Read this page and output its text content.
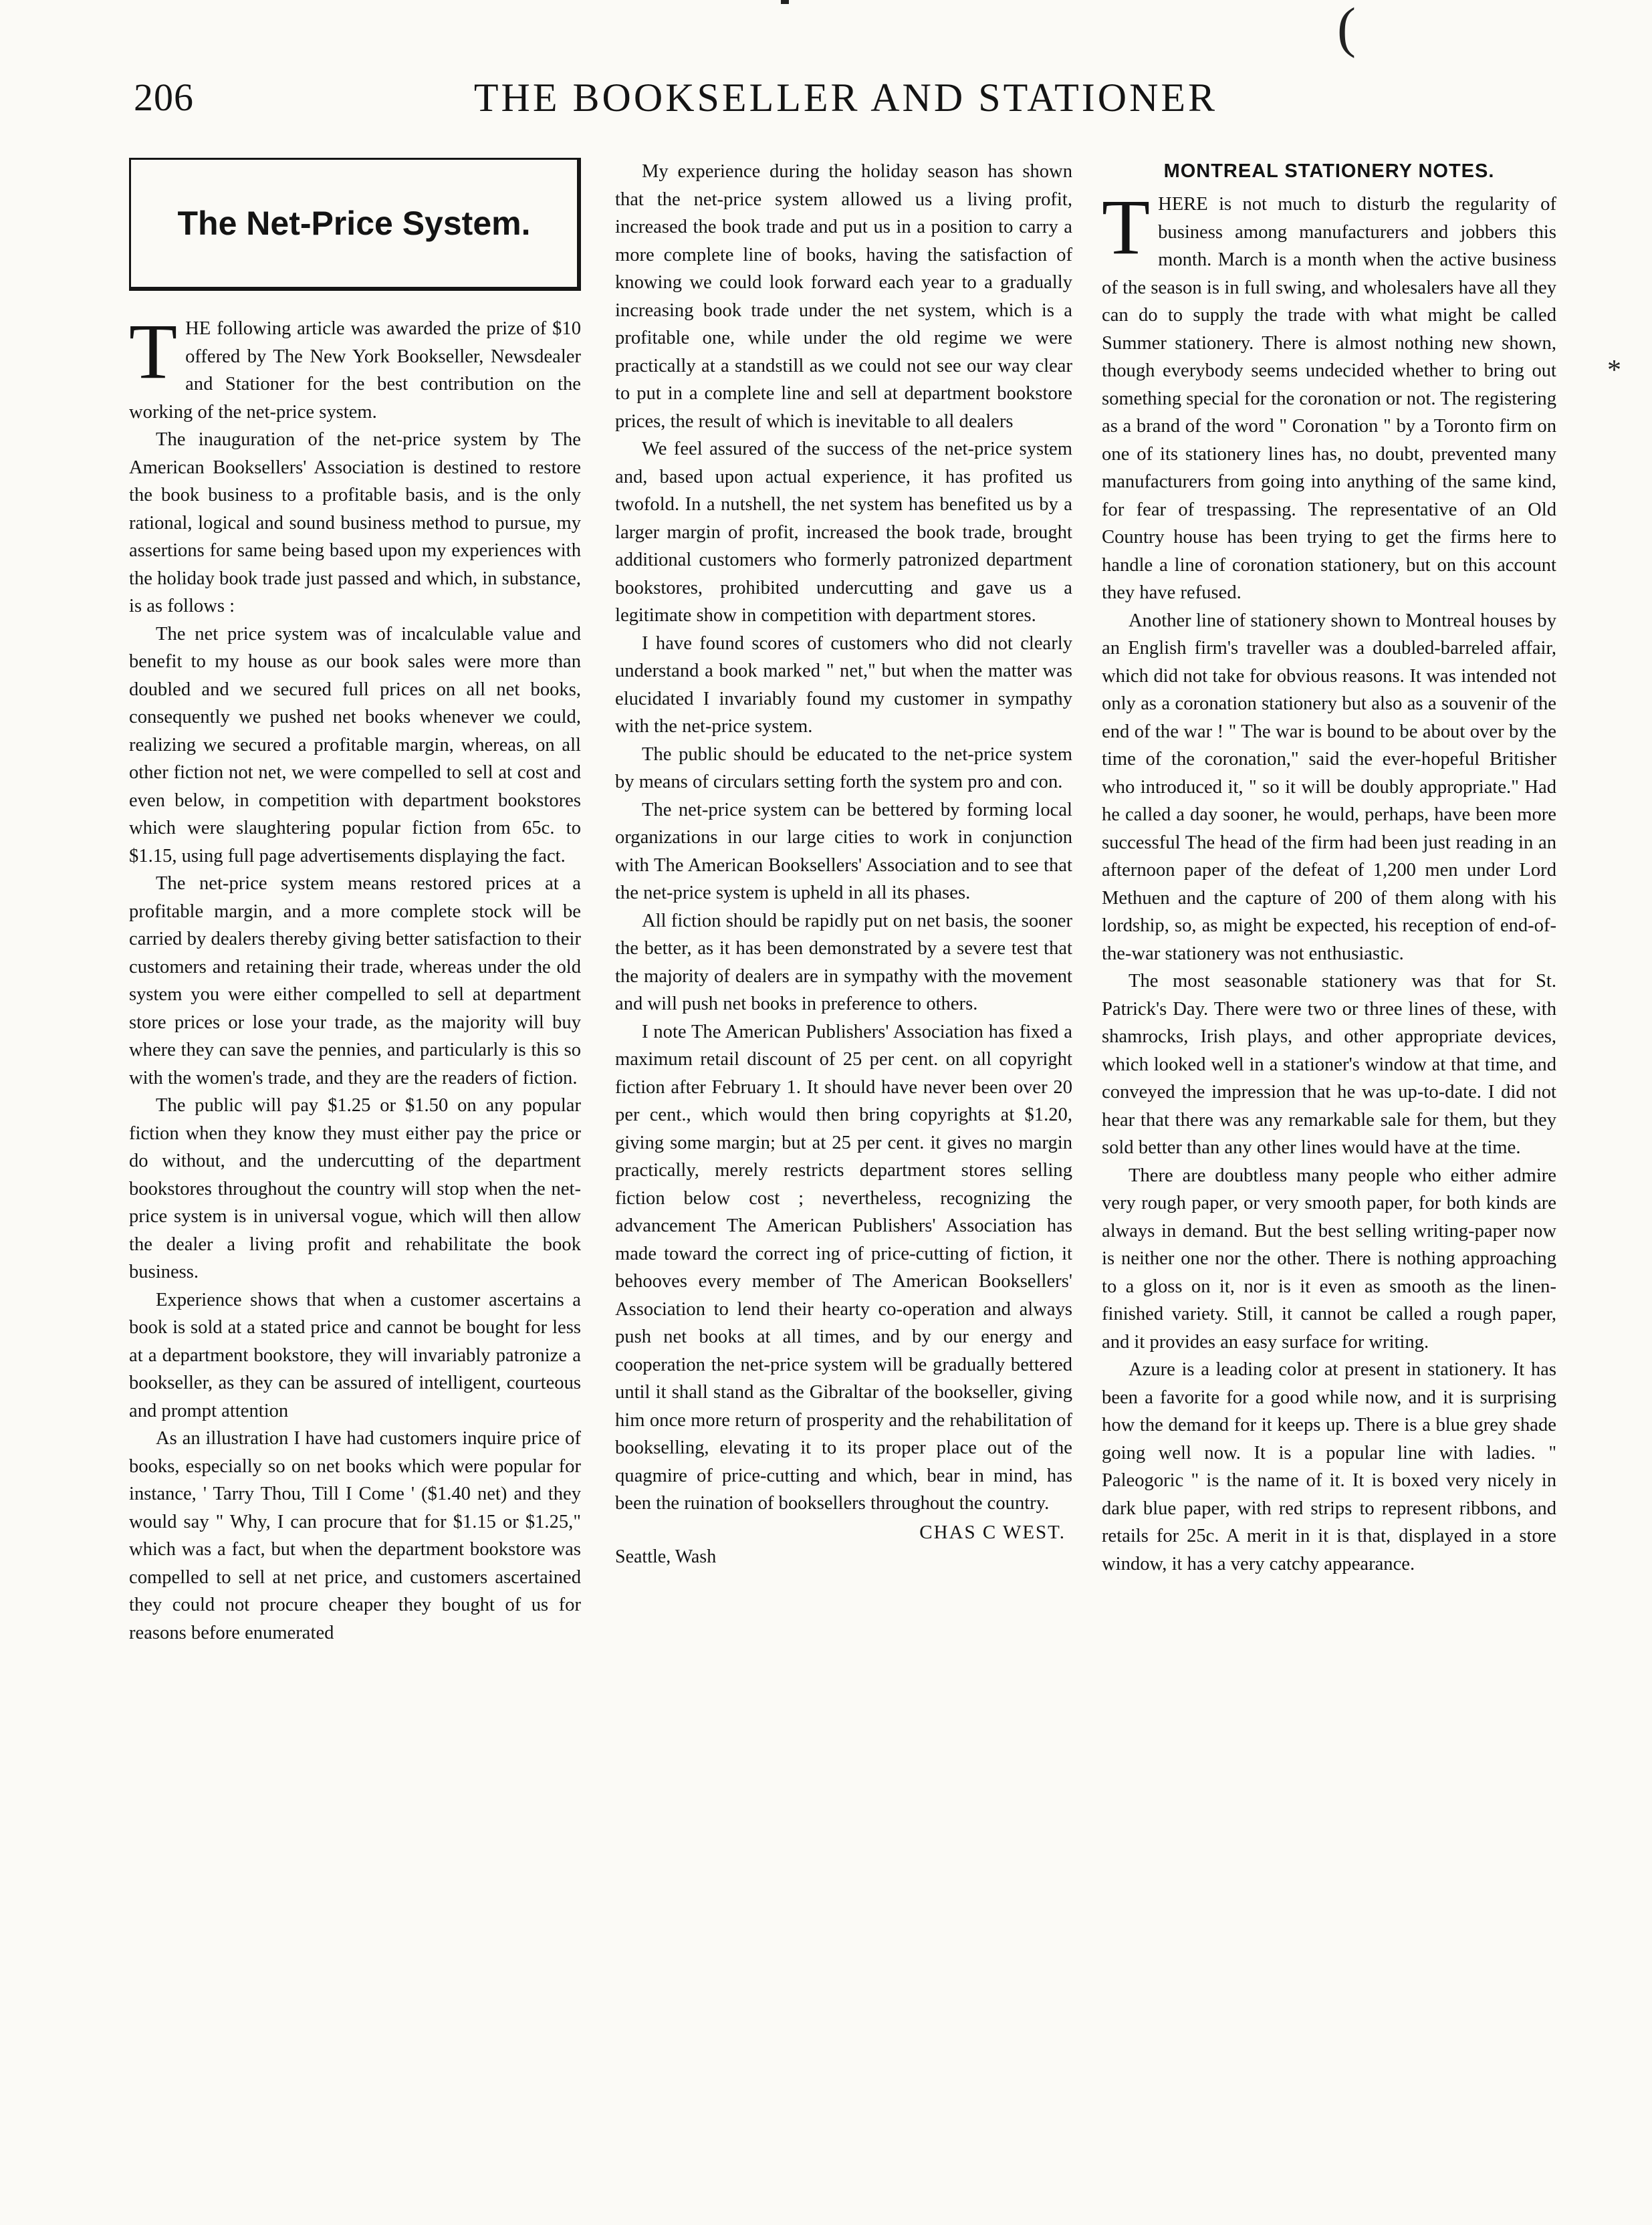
(
*
206	THE BOOKSELLER AND STATIONER
The Net-Price System.

THE following article was awarded the prize of $10 offered by The New York Bookseller, Newsdealer and Stationer for the best contribution on the working of the net-price system.

The inauguration of the net-price system by The American Booksellers' Association is destined to restore the book business to a profitable basis, and is the only rational, logical and sound business method to pursue, my assertions for same being based upon my experiences with the holiday book trade just passed and which, in substance, is as follows :

The net price system was of incalculable value and benefit to my house as our book sales were more than doubled and we secured full prices on all net books, consequently we pushed net books whenever we could, realizing we secured a profitable margin, whereas, on all other fiction not net, we were compelled to sell at cost and even below, in competition with department bookstores which were slaughtering popular fiction from 65c. to $1.15, using full page advertisements displaying the fact.

The net-price system means restored prices at a profitable margin, and a more complete stock will be carried by dealers thereby giving better satisfaction to their customers and retaining their trade, whereas under the old system you were either compelled to sell at department store prices or lose your trade, as the majority will buy where they can save the pennies, and particularly is this so with the women's trade, and they are the readers of fiction.

The public will pay $1.25 or $1.50 on any popular fiction when they know they must either pay the price or do without, and the undercutting of the department bookstores throughout the country will stop when the net-price system is in universal vogue, which will then allow the dealer a living profit and rehabilitate the book business.

Experience shows that when a customer ascertains a book is sold at a stated price and cannot be bought for less at a department bookstore, they will invariably patronize a bookseller, as they can be assured of intelligent, courteous and prompt attention

As an illustration I have had customers inquire price of books, especially so on net books which were popular for instance, ' Tarry Thou, Till I Come ' ($1.40 net) and they would say " Why, I can procure that for $1.15 or $1.25," which was a fact, but when the department bookstore was compelled to sell at net price, and customers ascertained they could not procure cheaper they bought of us for reasons before enumerated

My experience during the holiday season has shown that the net-price system allowed us a living profit, increased the book trade and put us in a position to carry a more complete line of books, having the satisfaction of knowing we could look forward each year to a gradually increasing book trade under the net system, which is a profitable one, while under the old regime we were practically at a standstill as we could not see our way clear to put in a complete line and sell at department bookstore prices, the result of which is inevitable to all dealers

We feel assured of the success of the net-price system and, based upon actual experience, it has profited us twofold. In a nutshell, the net system has benefited us by a larger margin of profit, increased the book trade, brought additional customers who formerly patronized department bookstores, prohibited undercutting and gave us a legitimate show in competition with department stores.

I have found scores of customers who did not clearly understand a book marked " net," but when the matter was elucidated I invariably found my customer in sympathy with the net-price system.

The public should be educated to the net-price system by means of circulars setting forth the system pro and con.

The net-price system can be bettered by forming local organizations in our large cities to work in conjunction with The American Booksellers' Association and to see that the net-price system is upheld in all its phases.

All fiction should be rapidly put on net basis, the sooner the better, as it has been demonstrated by a severe test that the majority of dealers are in sympathy with the movement and will push net books in preference to others.

I note The American Publishers' Association has fixed a maximum retail discount of 25 per cent. on all copyright fiction after February 1. It should have never been over 20 per cent., which would then bring copyrights at $1.20, giving some margin; but at 25 per cent. it gives no margin practically, merely restricts department stores selling fiction below cost ; nevertheless, recognizing the advancement The American Publishers' Association has made toward the correct ing of price-cutting of fiction, it behooves every member of The American Booksellers' Association to lend their hearty co-operation and always push net books at all times, and by our energy and cooperation the net-price system will be gradually bettered until it shall stand as the Gibraltar of the bookseller, giving him once more return of prosperity and the rehabilitation of bookselling, elevating it to its proper place out of the quagmire of price-cutting and which, bear in mind, has been the ruination of booksellers throughout the country.

CHAS C WEST.
Seattle, Wash
MONTREAL STATIONERY NOTES.

THERE is not much to disturb the regularity of business among manufacturers and jobbers this month. March is a month when the active business of the season is in full swing, and wholesalers have all they can do to supply the trade with what might be called Summer stationery. There is almost nothing new shown, though everybody seems undecided whether to bring out something special for the coronation or not. The registering as a brand of the word " Coronation " by a Toronto firm on one of its stationery lines has, no doubt, prevented many manufacturers from going into anything of the same kind, for fear of trespassing. The representative of an Old Country house has been trying to get the firms here to handle a line of coronation stationery, but on this account they have refused.

Another line of stationery shown to Montreal houses by an English firm's traveller was a doubled-barreled affair, which did not take for obvious reasons. It was intended not only as a coronation stationery but also as a souvenir of the end of the war ! " The war is bound to be about over by the time of the coronation," said the ever-hopeful Britisher who introduced it, " so it will be doubly appropriate." Had he called a day sooner, he would, perhaps, have been more successful The head of the firm had been just reading in an afternoon paper of the defeat of 1,200 men under Lord Methuen and the capture of 200 of them along with his lordship, so, as might be expected, his reception of end-of-the-war stationery was not enthusiastic.

The most seasonable stationery was that for St. Patrick's Day. There were two or three lines of these, with shamrocks, Irish plays, and other appropriate devices, which looked well in a stationer's window at that time, and conveyed the impression that he was up-to-date. I did not hear that there was any remarkable sale for them, but they sold better than any other lines would have at the time.

There are doubtless many people who either admire very rough paper, or very smooth paper, for both kinds are always in demand. But the best selling writing-paper now is neither one nor the other. There is nothing approaching to a gloss on it, nor is it even as smooth as the linen-finished variety. Still, it cannot be called a rough paper, and it provides an easy surface for writing.

Azure is a leading color at present in stationery. It has been a favorite for a good while now, and it is surprising how the demand for it keeps up. There is a blue grey shade going well now. It is a popular line with ladies. " Paleogoric " is the name of it. It is boxed very nicely in dark blue paper, with red strips to represent ribbons, and retails for 25c. A merit in it is that, displayed in a store window, it has a very catchy appearance.
